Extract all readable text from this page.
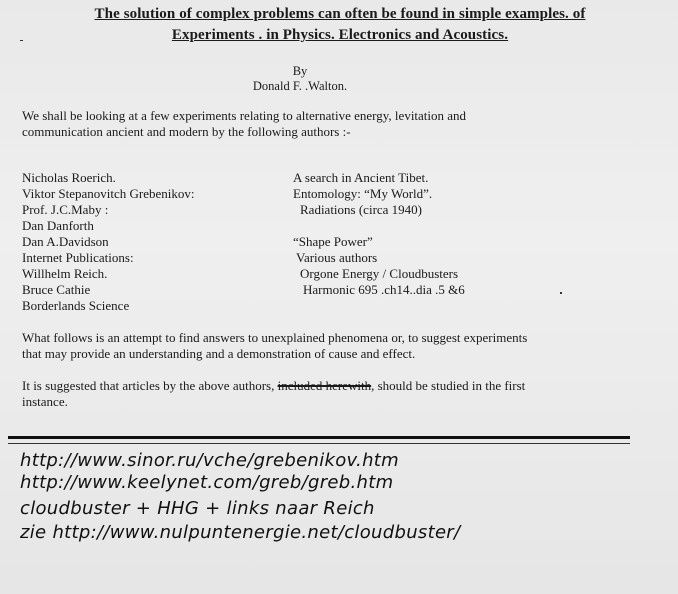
The solution of complex problems can often be found in simple examples. of
Experiments . in Physics. Electronics and Acoustics.
By
Donald F. .Walton.
We shall be looking at a few experiments relating to alternative energy, levitation and
communication ancient and modern by the following authors :-
Nicholas Roerich.
Viktor Stepanovitch Grebenikov:
Prof. J.C.Maby :
Dan Danforth
Dan A.Davidson
Internet Publications:
Willhelm Reich.
Bruce Cathie
Borderlands Science
A search in Ancient Tibet.
Entomology: “My World”.
Radiations (circa 1940)
“Shape Power”
Various authors
Orgone Energy / Cloudbusters
Harmonic 695 .ch14..dia .5 &6
What follows is an attempt to find answers to unexplained phenomena or, to suggest experiments
that may provide an understanding and a demonstration of cause and effect.
It is suggested that articles by the above authors, included herewith, should be studied in the first
instance.
http://www.sinor.ru/vche/grebenikov.htm
http://www.keelynet.com/greb/greb.htm
cloudbuster + HHG + links naar Reich
zie http://www.nulpuntenergie.net/cloudbuster/
